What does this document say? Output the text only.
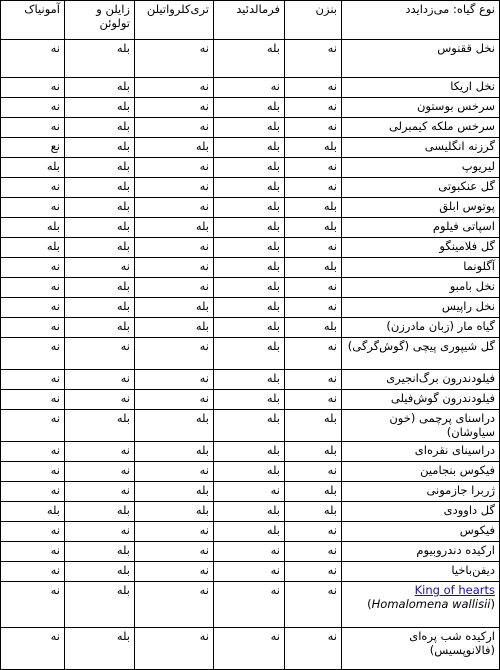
نوع گیاه: می‌زدایدد	بنزن	فرمالدئید	تری‌کلرواتیلن	زایلن و تولوئن	آمونیاک
نخل ققنوس	نه	بله	نه	بله	نه
نخل اریکا	نه	نه	نه	بله	نه
سرخس بوستون	نه	بله	نه	بله	نه
سرخس ملکه کیمبرلی	نه	بله	نه	بله	نه
گرزنه انگلیسی	بله	بله	بله	بله	نع
لیریوپ	نه	بله	نه	بله	بله
گل عنکبوتی	نه	بله	نه	بله	نه
پوتوس ابلق	بله	بله	نه	بله	نه
اسپاتی فیلوم	بله	بله	بله	بله	بله
گل فلامینگو	نه	بله	نه	بله	بله
آگلونما	بله	بله	نه	نه	نه
نخل بامبو	نه	بله	نه	بله	نه
نخل راپیس	نه	بله	بله	بله	نه
گیاه مار (زبان مادرزن)	بله	بله	بله	بله	نه
گل شیپوری پیچی (گوش‌گرگی)	نه	بله	نه	نه	نه
فیلودندرون برگ‌انجیری	نه	بله	نه	نه	نه
فیلودندرون گوش‌فیلی	نه	بله	نه	نه	نه
دراسنای پرچمی (خون سیاوشان)	بله	بله	بله	بله	نه
دراسینای نقره‌ای	بله	بله	بله	نه	نه
فیکوس بنجامین	نه	بله	نه	نه	نه
ژربرا جازمونی	بله	نه	بله	نه	نه
گل داوودی	بله	بله	بله	بله	بله
فیکوس	نه	بله	نه	نه	نه
ارکیده دندروبیوم	نه	نه	نه	بله	نه
دیفن‌باخیا	نه	نه	نه	بله	نه
King of hearts (Homalomena wallisii)	نه	نه	نه	بله	نه
ارکیده شب پره‌ای (فالانوپسیس)	نه	نه	نه	بله	نه
